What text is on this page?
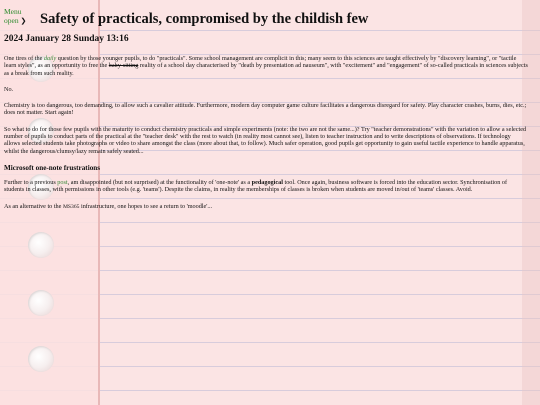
Menu
open ❯ Safety of practicals, compromised by the childish few
2024 January 28 Sunday 13:16

One tires of the daily question by those younger pupils, to do "practicals". Some school management are complicit in this; many seem to this sciences are taught effectively by "discovery learning", or "tactile learn styles", as an opportunity to free the baby-sitting reality of a school day characterised by "death by presentation ad nauseum", with "excitement" and "engagement" of so-called practicals in sciences subjects as a break from such reality.

No.

Chemistry is too dangerous, too demanding, to allow such a cavalier attitude. Furthermore, modern day computer game culture facilitates a dangerous disregard for safety. Play character crashes, burns, dies, etc.; does not matter. Start again!

So what to do for those few pupils with the maturity to conduct chemistry practicals and simple experiments (note: the two are not the same...)? Try "teacher demonstrations" with the variation to allow a selected number of pupils to conduct parts of the practical at the "teacher desk" with the rest to watch (in reality most cannot see), listen to teacher instruction and to write descriptions of observations. If technology allows selected students take photographs or video to share amongst the class (more about that, to follow). Much safer operation, good pupils get opportunity to gain useful tactile experience to handle apparatus, whilst the dangerous/clumsy/lazy remain safely seated...

Microsoft one-note frustrations

Further to a previous post, am disappointed (but not surprised) at the functionality of 'one-note' as a pedagogical tool. Once again, business software is forced into the education sector. Synchronisation of students in classes, with permissions in other tools (e.g. 'teams'). Despite the claims, in reality the memberships of classes is broken when students are moved in/out of 'teams' classes. Avoid.

As an alternative to the MS365 infrastructure, one hopes to see a return to 'moodle'...
